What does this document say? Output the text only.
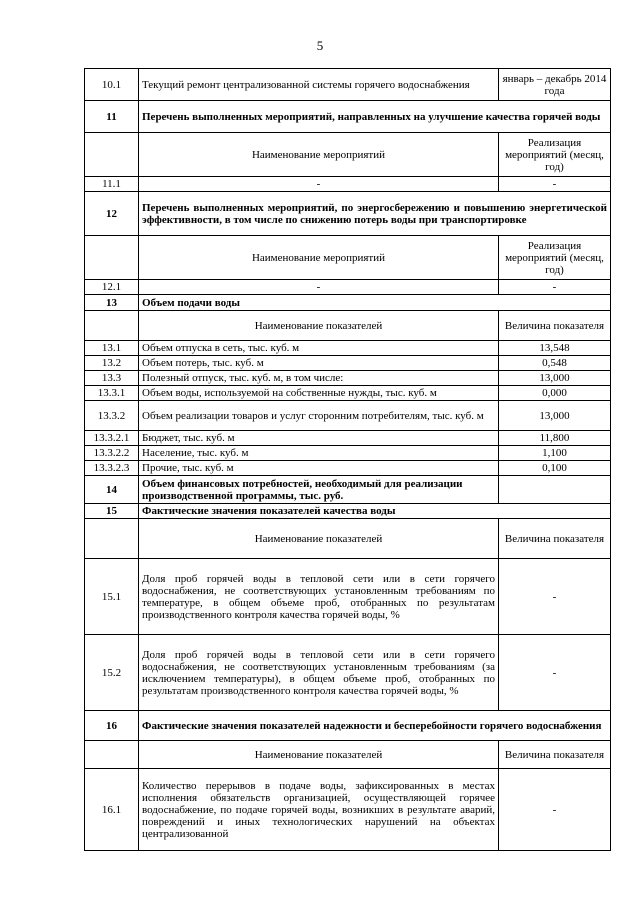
5
10.1	Текущий ремонт централизованной системы горячего водоснабжения	январь – декабрь 2014 года
11	Перечень выполненных мероприятий, направленных на улучшение качества горячей воды	
	Наименование мероприятий	Реализация мероприятий (месяц, год)
11.1	-	-
12	Перечень выполненных мероприятий, по энергосбережению и повышению энергетической эффективности, в том числе по снижению потерь воды при транспортировке	
	Наименование мероприятий	Реализация мероприятий (месяц, год)
12.1	-	-
13	Объем подачи воды	
	Наименование показателей	Величина показателя
13.1	Объем отпуска в сеть, тыс. куб. м	13,548
13.2	Объем потерь, тыс. куб. м	0,548
13.3	Полезный отпуск, тыс. куб. м, в том числе:	13,000
13.3.1	Объем воды, используемой на собственные нужды, тыс. куб. м	0,000
13.3.2	Объем реализации товаров и услуг сторонним потребителям, тыс. куб. м	13,000
13.3.2.1	Бюджет, тыс. куб. м	11,800
13.3.2.2	Население, тыс. куб. м	1,100
13.3.2.3	Прочие, тыс. куб. м	0,100
14	Объем финансовых потребностей, необходимый для реализации производственной программы, тыс. руб.	
15	Фактические значения показателей качества воды	
	Наименование показателей	Величина показателя
15.1	Доля проб горячей воды в тепловой сети или в сети горячего водоснабжения, не соответствующих установленным требованиям по температуре, в общем объеме проб, отобранных по результатам производственного контроля качества горячей воды, %	-
15.2	Доля проб горячей воды в тепловой сети или в сети горячего водоснабжения, не соответствующих установленным требованиям (за исключением температуры), в общем объеме проб, отобранных по результатам производственного контроля качества горячей воды, %	-
16	Фактические значения показателей надежности и бесперебойности горячего водоснабжения	
	Наименование показателей	Величина показателя
16.1	Количество перерывов в подаче воды, зафиксированных в местах исполнения обязательств организацией, осуществляющей горячее водоснабжение, по подаче горячей воды, возникших в результате аварий, повреждений и иных технологических нарушений на объектах централизованной	-
